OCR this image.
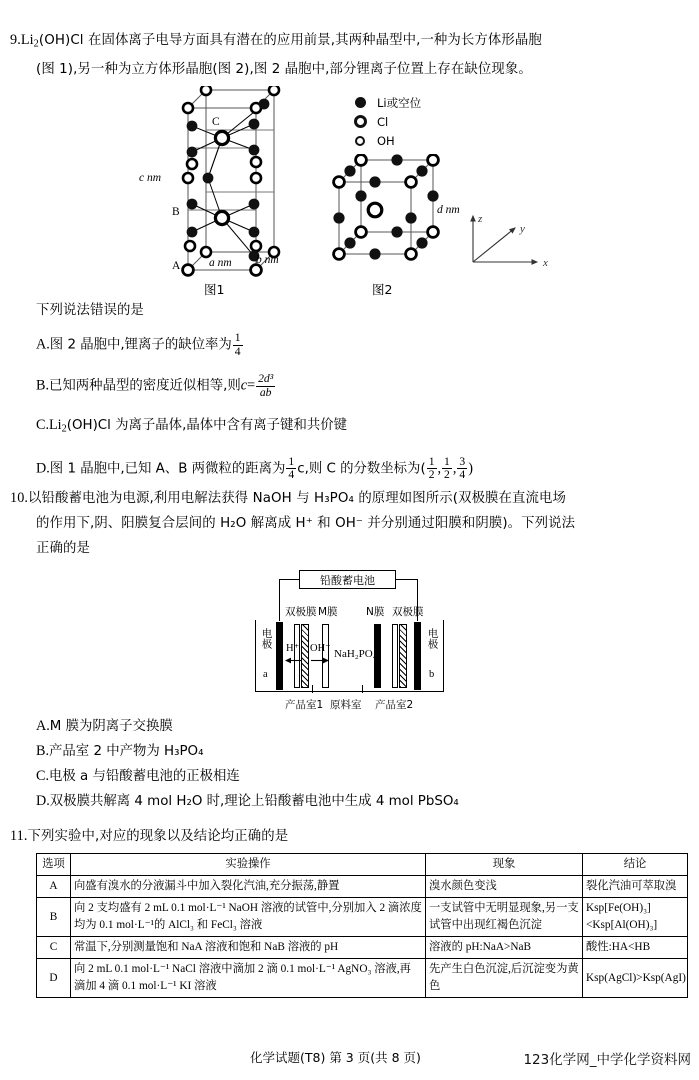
$9.Li_2(OH)Cl$ 在固体离子电导方面具有潜在的应用前景,其两种晶型中,一种为长方体形晶胞
(图 1),另一种为立方体形晶胞(图 2),图 2 晶胞中,部分锂离子位置上存在缺位现象。
Li或空位
Cl
OH
图1
c nm
A
B
C
a nm b nm
图2
d nm
x
y
z
下列说法错误的是
A.图 2 晶胞中,锂离子的缺位率为 $\frac{1}{4}$
B.已知两种晶型的密度近似相等,则$c= \frac{\text{2d³}}{ab}$
$C.Li_2(OH)Cl$ 为离子晶体,晶体中含有离子键和共价键
D.图 1 晶胞中,已知 A、B 两微粒的距离为 $\frac{1}{4} c$,则 C 的分数坐标为( $\frac{1}{2}$ , $\frac{1}{2}$ , $\frac{3}{4}$ )
10.以铅酸蓄电池为电源,利用电解法获得 NaOH 与 H₃PO₄ 的原理如图所示(双极膜在直流电场
的作用下,阴、阳膜复合层间的 H₂O 解离成 H⁺ 和 OH⁻ 并分别通过阳膜和阴膜)。下列说法
正确的是
铅酸蓄电池
双极膜 M膜	N膜 双极膜
电极
a
电极
b
H⁺ OH⁻ NaH₂PO₄
产品室1 原料室 产品室2
A.M 膜为阴离子交换膜
B.产品室 2 中产物为 H₃PO₄
C.电极 a 与铅酸蓄电池的正极相连
D.双极膜共解离 4 mol H₂O 时,理论上铅酸蓄电池中生成 4 mol PbSO₄
11.下列实验中,对应的现象以及结论均正确的是
选项	实验操作	现象	结论
A	向盛有溴水的分液漏斗中加入裂化汽油,充分振荡,静置	溴水颜色变浅	裂化汽油可萃取溴
B	向 2 支均盛有 2 mL 0.1 mol·L⁻¹ NaOH 溶液的试管中,分别加入 2 滴浓度均为 0.1 mol·L⁻¹的 AlCl₃ 和 FeCl₃ 溶液	一支试管中无明显现象,另一支试管中出现红褐色沉淀	Ksp[Fe(OH)₃]<Ksp[Al(OH)₃]
C	常温下,分别测量饱和 NaA 溶液和饱和 NaB 溶液的 pH	溶液的 pH:NaA>NaB	酸性:HA<HB
D	向 2 mL 0.1 mol·L⁻¹ NaCl 溶液中滴加 2 滴 0.1 mol·L⁻¹ AgNO₃ 溶液,再滴加 4 滴 0.1 mol·L⁻¹ KI 溶液	先产生白色沉淀,后沉淀变为黄色	Ksp(AgCl)>Ksp(AgI)
化学试题(T8) 第 3 页(共 8 页)	123化学网_中学化学资料网
